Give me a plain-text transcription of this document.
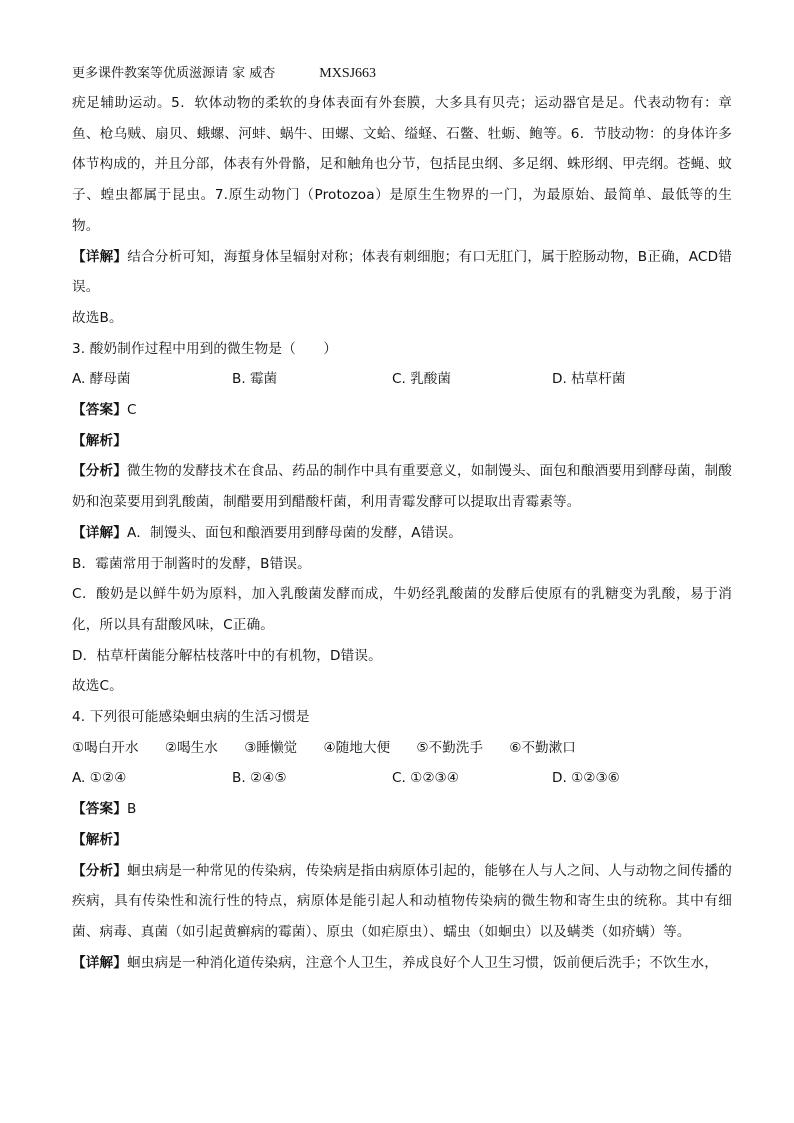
更多课件教案等优质滋源请 家 威杏	MXSJ663

疣足辅助运动。5．软体动物的柔软的身体表面有外套膜，大多具有贝壳；运动器官是足。代表动物有：章鱼、枪乌贼、扇贝、蛾螺、河蚌、蜗牛、田螺、文蛤、缢蛏、石鳖、牡蛎、鲍等。6．节肢动物：的身体许多体节构成的，并且分部，体表有外骨骼，足和触角也分节，包括昆虫纲、多足纲、蛛形纲、甲壳纲。苍蝇、蚊子、蝗虫都属于昆虫。7.原生动物门（Protozoa）是原生生物界的一门，为最原始、最简单、最低等的生物。

【详解】结合分析可知，海蜇身体呈辐射对称；体表有刺细胞；有口无肛门，属于腔肠动物，B正确，ACD错误。

故选B。

3. 酸奶制作过程中用到的微生物是（　　）

A. 酵母菌	B. 霉菌	C. 乳酸菌	D. 枯草杆菌

【答案】C

【解析】

【分析】微生物的发酵技术在食品、药品的制作中具有重要意义，如制馒头、面包和酿酒要用到酵母菌，制酸奶和泡菜要用到乳酸菌，制醋要用到醋酸杆菌，利用青霉发酵可以提取出青霉素等。

【详解】A．制馒头、面包和酿酒要用到酵母菌的发酵，A错误。

B．霉菌常用于制酱时的发酵，B错误。

C．酸奶是以鲜牛奶为原料，加入乳酸菌发酵而成，牛奶经乳酸菌的发酵后使原有的乳糖变为乳酸，易于消化，所以具有甜酸风味，C正确。

D．枯草杆菌能分解枯枝落叶中的有机物，D错误。

故选C。

4. 下列很可能感染蛔虫病的生活习惯是

①喝白开水 ②喝生水 ③睡懒觉 ④随地大便 ⑤不勤洗手 ⑥不勤漱口
A. ①②④	B. ②④⑤	C. ①②③④	D. ①②③⑥

【答案】B

【解析】

【分析】蛔虫病是一种常见的传染病，传染病是指由病原体引起的，能够在人与人之间、人与动物之间传播的疾病，具有传染性和流行性的特点，病原体是能引起人和动植物传染病的微生物和寄生虫的统称。其中有细菌、病毒、真菌（如引起黄癣病的霉菌）、原虫（如疟原虫）、蠕虫（如蛔虫）以及螨类（如疥螨）等。

【详解】蛔虫病是一种消化道传染病，注意个人卫生，养成良好个人卫生习惯，饭前便后洗手；不饮生水，
